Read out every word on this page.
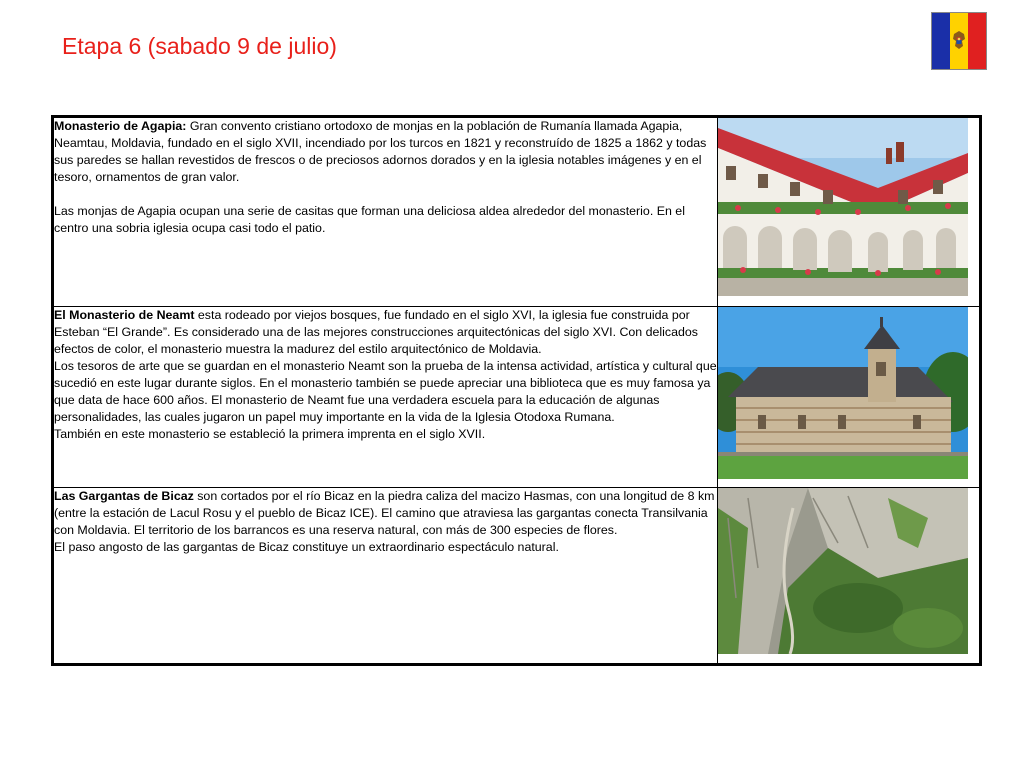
Etapa 6 (sabado 9 de julio)

Monasterio de Agapia: Gran convento cristiano ortodoxo de monjas en la población de Rumanía llamada Agapia, Neamtau, Moldavia, fundado en el siglo XVII, incendiado por los turcos en 1821 y reconstruído de 1825 a 1862 y todas sus paredes se hallan revestidos de frescos o de preciosos adornos dorados y en la iglesia notables imágenes y en el tesoro, ornamentos de gran valor.

Las monjas de Agapia ocupan una serie de casitas que forman una deliciosa aldea alrededor del monasterio. En el centro una sobria iglesia ocupa casi todo el patio.

El Monasterio de Neamt esta rodeado por viejos bosques, fue fundado en el siglo XVI, la iglesia fue construida por Esteban “El Grande”. Es considerado una de las mejores construcciones arquitectónicas del siglo XVI. Con delicados efectos de color, el monasterio muestra la madurez del estilo arquitectónico de Moldavia.

Los tesoros de arte que se guardan en el monasterio Neamt son la prueba de la intensa actividad, artística y cultural que sucedió en este lugar durante siglos. En el monasterio también se puede apreciar una biblioteca que es muy famosa ya que data de hace 600 años. El monasterio de Neamt fue una verdadera escuela para la educación de algunas personalidades, las cuales jugaron un papel muy importante en la vida de la Iglesia Otodoxa Rumana.

También en este monasterio se estableció la primera imprenta en el siglo XVII.

Las Gargantas de Bicaz son cortados por el río Bicaz en la piedra caliza del macizo Hasmas, con una longitud de 8 km (entre la estación de Lacul Rosu y el pueblo de Bicaz ICE). El camino que atraviesa las gargantas conecta Transilvania con Moldavia. El territorio de los barrancos es una reserva natural, con más de 300 especies de flores.

El paso angosto de las gargantas de Bicaz constituye un extraordinario espectáculo natural.
